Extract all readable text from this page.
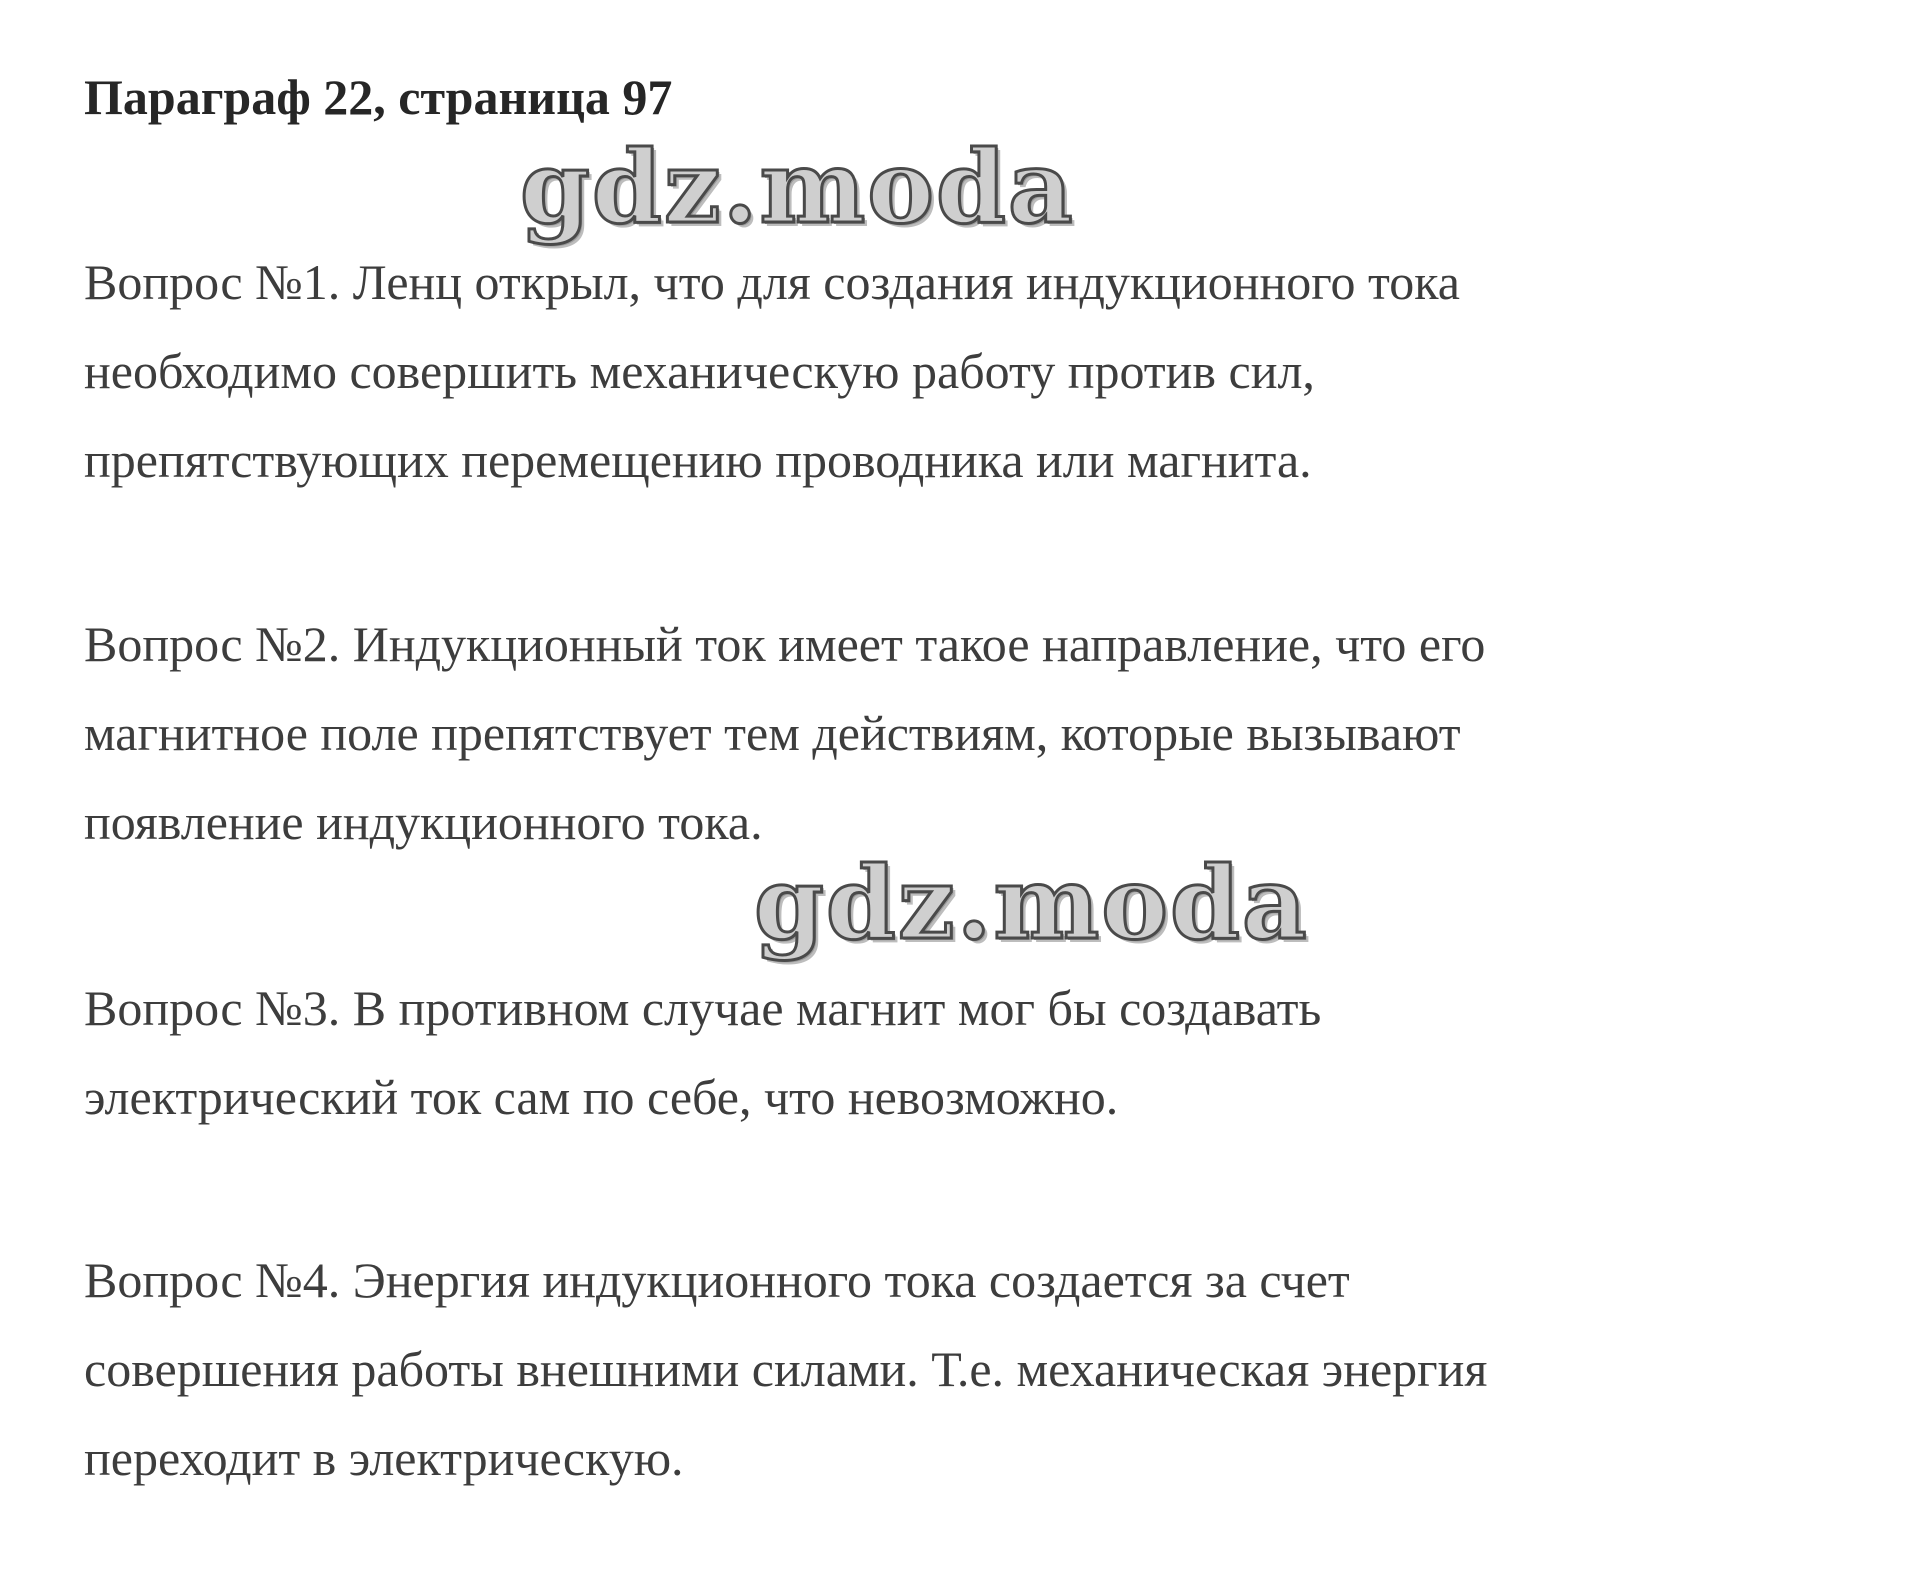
Параграф 22, страница 97
gdz.moda
Вопрос №1. Ленц открыл, что для создания индукционного тока
необходимо совершить механическую работу против сил,
препятствующих перемещению проводника или магнита.
Вопрос №2. Индукционный ток имеет такое направление, что его
магнитное поле препятствует тем действиям, которые вызывают
появление индукционного тока.
gdz.moda
Вопрос №3. В противном случае магнит мог бы создавать
электрический ток сам по себе, что невозможно.
Вопрос №4. Энергия индукционного тока создается за счет
совершения работы внешними силами. Т.е. механическая энергия
переходит в электрическую.
